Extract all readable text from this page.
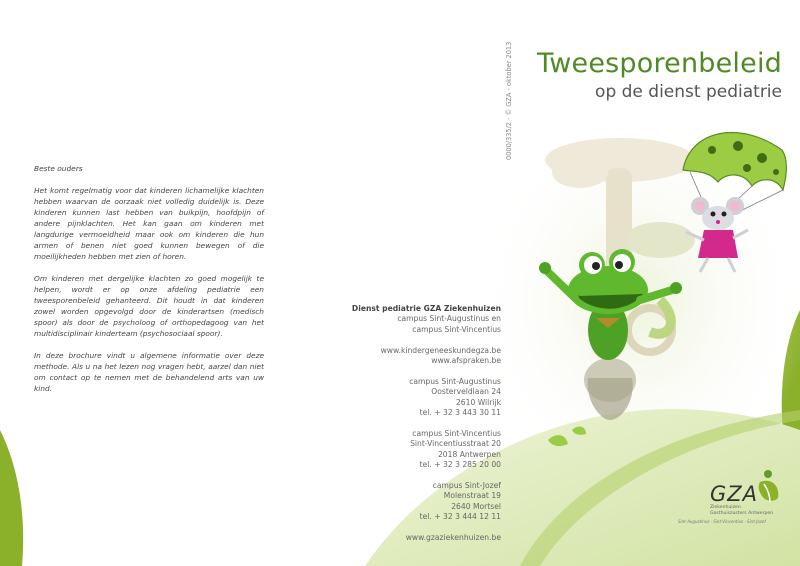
Beste ouders

Het komt regelmatig voor dat kinderen lichamelijke klachten hebben waarvan de oorzaak niet volledig duidelijk is. Deze kinderen kunnen last hebben van buikpijn, hoofdpijn of andere pijnklachten. Het kan gaan om kinderen met langdurige vermoeidheid maar ook om kinderen die hun armen of benen niet goed kunnen bewegen of die moeilijkheden hebben met zien of horen.

Om kinderen met dergelijke klachten zo goed mogelijk te helpen, wordt er op onze afdeling pediatrie een tweesporenbeleid gehanteerd. Dit houdt in dat kinderen zowel worden opgevolgd door de kinderartsen (medisch spoor) als door de psycholoog of orthopedagoog van het multidisciplinair kinderteam (psychosociaal spoor).

In deze brochure vindt u algemene informatie over deze methode. Als u na het lezen nog vragen hebt, aarzel dan niet om contact op te nemen met de behandelend arts van uw kind.

0000/335/2 - © GZA - oktober 2013 Tweesporenbeleid
op de dienst pediatrie
Dienst pediatrie GZA Ziekenhuizen
campus Sint-Augustinus en
campus Sint-Vincentius
www.kindergeneeskundegza.be
www.afspraken.be
campus Sint-Augustinus
Oosterveldlaan 24
2610 Wilrijk
tel. + 32 3 443 30 11
campus Sint-Vincentius
Sint-Vincentiusstraat 20
2018 Antwerpen
tel. + 32 3 285 20 00
campus Sint-Jozef
Molenstraat 19
2640 Mortsel
tel. + 32 3 444 12 11
www.gzaziekenhuizen.be
GZA
Ziekenhuizen
Gasthuiszusters Antwerpen
Sint-Augustinus · Sint-Vincentius · Sint-Jozef
